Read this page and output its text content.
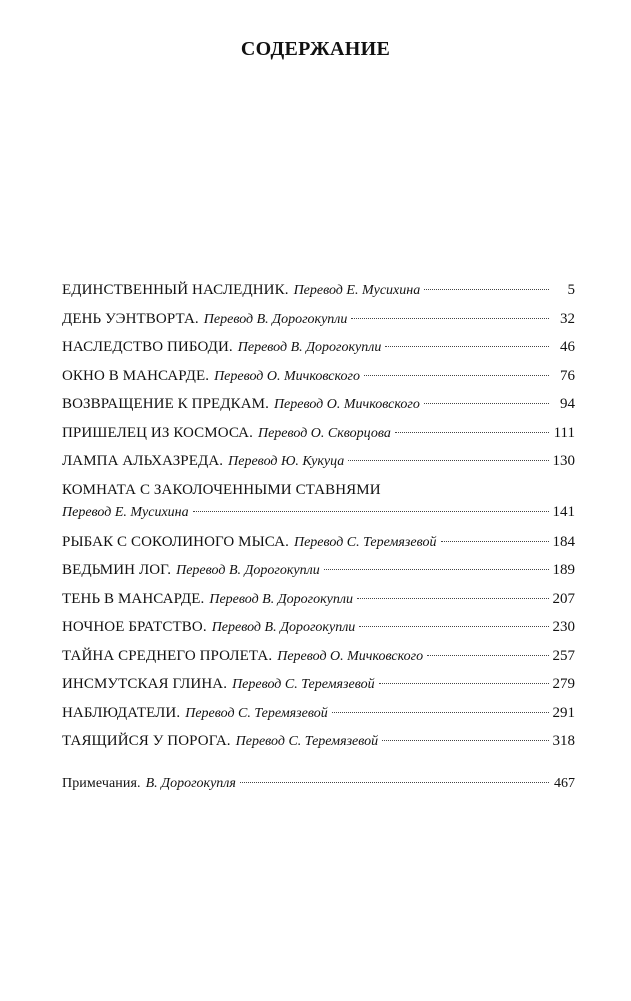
СОДЕРЖАНИЕ
ЕДИНСТВЕННЫЙ НАСЛЕДНИК. Перевод Е. Мусихина	5
ДЕНЬ УЭНТВОРТА. Перевод В. Дорогокупли	32
НАСЛЕДСТВО ПИБОДИ. Перевод В. Дорогокупли	46
ОКНО В МАНСАРДЕ. Перевод О. Мичковского	76
ВОЗВРАЩЕНИЕ К ПРЕДКАМ. Перевод О. Мичковского	94
ПРИШЕЛЕЦ ИЗ КОСМОСА. Перевод О. Скворцова	111
ЛАМПА АЛЬХАЗРЕДА. Перевод Ю. Кукуца	130
КОМНАТА С ЗАКОЛОЧЕННЫМИ СТАВНЯМИ
Перевод Е. Мусихина	141
РЫБАК С СОКОЛИНОГО МЫСА. Перевод С. Теремязевой	184
ВЕДЬМИН ЛОГ. Перевод В. Дорогокупли	189
ТЕНЬ В МАНСАРДЕ. Перевод В. Дорогокупли	207
НОЧНОЕ БРАТСТВО. Перевод В. Дорогокупли	230
ТАЙНА СРЕДНЕГО ПРОЛЕТА. Перевод О. Мичковского	257
ИНСМУТСКАЯ ГЛИНА. Перевод С. Теремязевой	279
НАБЛЮДАТЕЛИ. Перевод С. Теремязевой	291
ТАЯЩИЙСЯ У ПОРОГА. Перевод С. Теремязевой	318
Примечания. В. Дорогокупля	467
